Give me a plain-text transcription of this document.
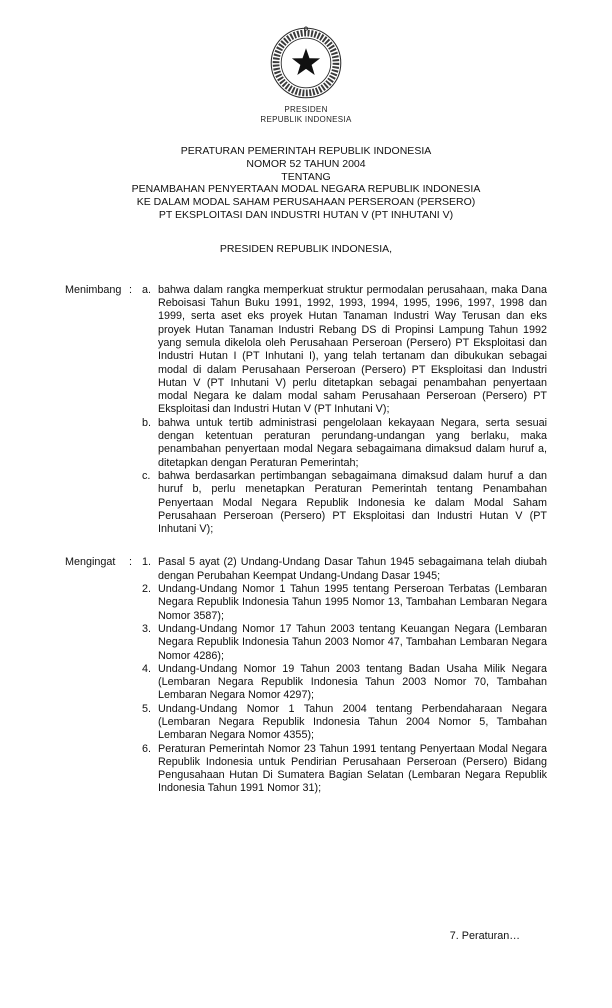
PRESIDEN
REPUBLIK INDONESIA
PERATURAN PEMERINTAH REPUBLIK INDONESIA
NOMOR 52 TAHUN 2004
TENTANG
PENAMBAHAN PENYERTAAN MODAL NEGARA REPUBLIK INDONESIA
KE DALAM MODAL SAHAM PERUSAHAAN PERSEROAN (PERSERO)
PT EKSPLOITASI DAN INDUSTRI HUTAN V (PT INHUTANI V)
PRESIDEN REPUBLIK INDONESIA,
Menimbang : a. bahwa dalam rangka memperkuat struktur permodalan perusahaan, maka Dana Reboisasi Tahun Buku 1991, 1992, 1993, 1994, 1995, 1996, 1997, 1998 dan 1999, serta aset eks proyek Hutan Tanaman Industri Way Terusan dan eks proyek Hutan Tanaman Industri Rebang DS di Propinsi Lampung Tahun 1992 yang semula dikelola oleh Perusahaan Perseroan (Persero) PT Eksploitasi dan Industri Hutan I (PT Inhutani I), yang telah tertanam dan dibukukan sebagai modal di dalam Perusahaan Perseroan (Persero) PT Eksploitasi dan Industri Hutan V (PT Inhutani V) perlu ditetapkan sebagai penambahan penyertaan modal Negara ke dalam modal saham Perusahaan Perseroan (Persero) PT Eksploitasi dan Industri Hutan V (PT Inhutani V);
b. bahwa untuk tertib administrasi pengelolaan kekayaan Negara, serta sesuai dengan ketentuan peraturan perundang-undangan yang berlaku, maka penambahan penyertaan modal Negara sebagaimana dimaksud dalam huruf a, ditetapkan dengan Peraturan Pemerintah;
c. bahwa berdasarkan pertimbangan sebagaimana dimaksud dalam huruf a dan huruf b, perlu menetapkan Peraturan Pemerintah tentang Penambahan Penyertaan Modal Negara Republik Indonesia ke dalam Modal Saham Perusahaan Perseroan (Persero) PT Eksploitasi dan Industri Hutan V (PT Inhutani V);
Mengingat	: 1. Pasal 5 ayat (2) Undang-Undang Dasar Tahun 1945 sebagaimana telah diubah dengan Perubahan Keempat Undang-Undang Dasar 1945;
2. Undang-Undang Nomor 1 Tahun 1995 tentang Perseroan Terbatas (Lembaran Negara Republik Indonesia Tahun 1995 Nomor 13, Tambahan Lembaran Negara Nomor 3587);
3. Undang-Undang Nomor 17 Tahun 2003 tentang Keuangan Negara (Lembaran Negara Republik Indonesia Tahun 2003 Nomor 47, Tambahan Lembaran Negara Nomor 4286);
4. Undang-Undang Nomor 19 Tahun 2003 tentang Badan Usaha Milik Negara (Lembaran Negara Republik Indonesia Tahun 2003 Nomor 70, Tambahan Lembaran Negara Nomor 4297);
5. Undang-Undang Nomor 1 Tahun 2004 tentang Perbendaharaan Negara (Lembaran Negara Republik Indonesia Tahun 2004 Nomor 5, Tambahan Lembaran Negara Nomor 4355);
6. Peraturan Pemerintah Nomor 23 Tahun 1991 tentang Penyertaan Modal Negara Republik Indonesia untuk Pendirian Perusahaan Perseroan (Persero) Bidang Pengusahaan Hutan Di Sumatera Bagian Selatan (Lembaran Negara Republik Indonesia Tahun 1991 Nomor 31);
7. Peraturan…
